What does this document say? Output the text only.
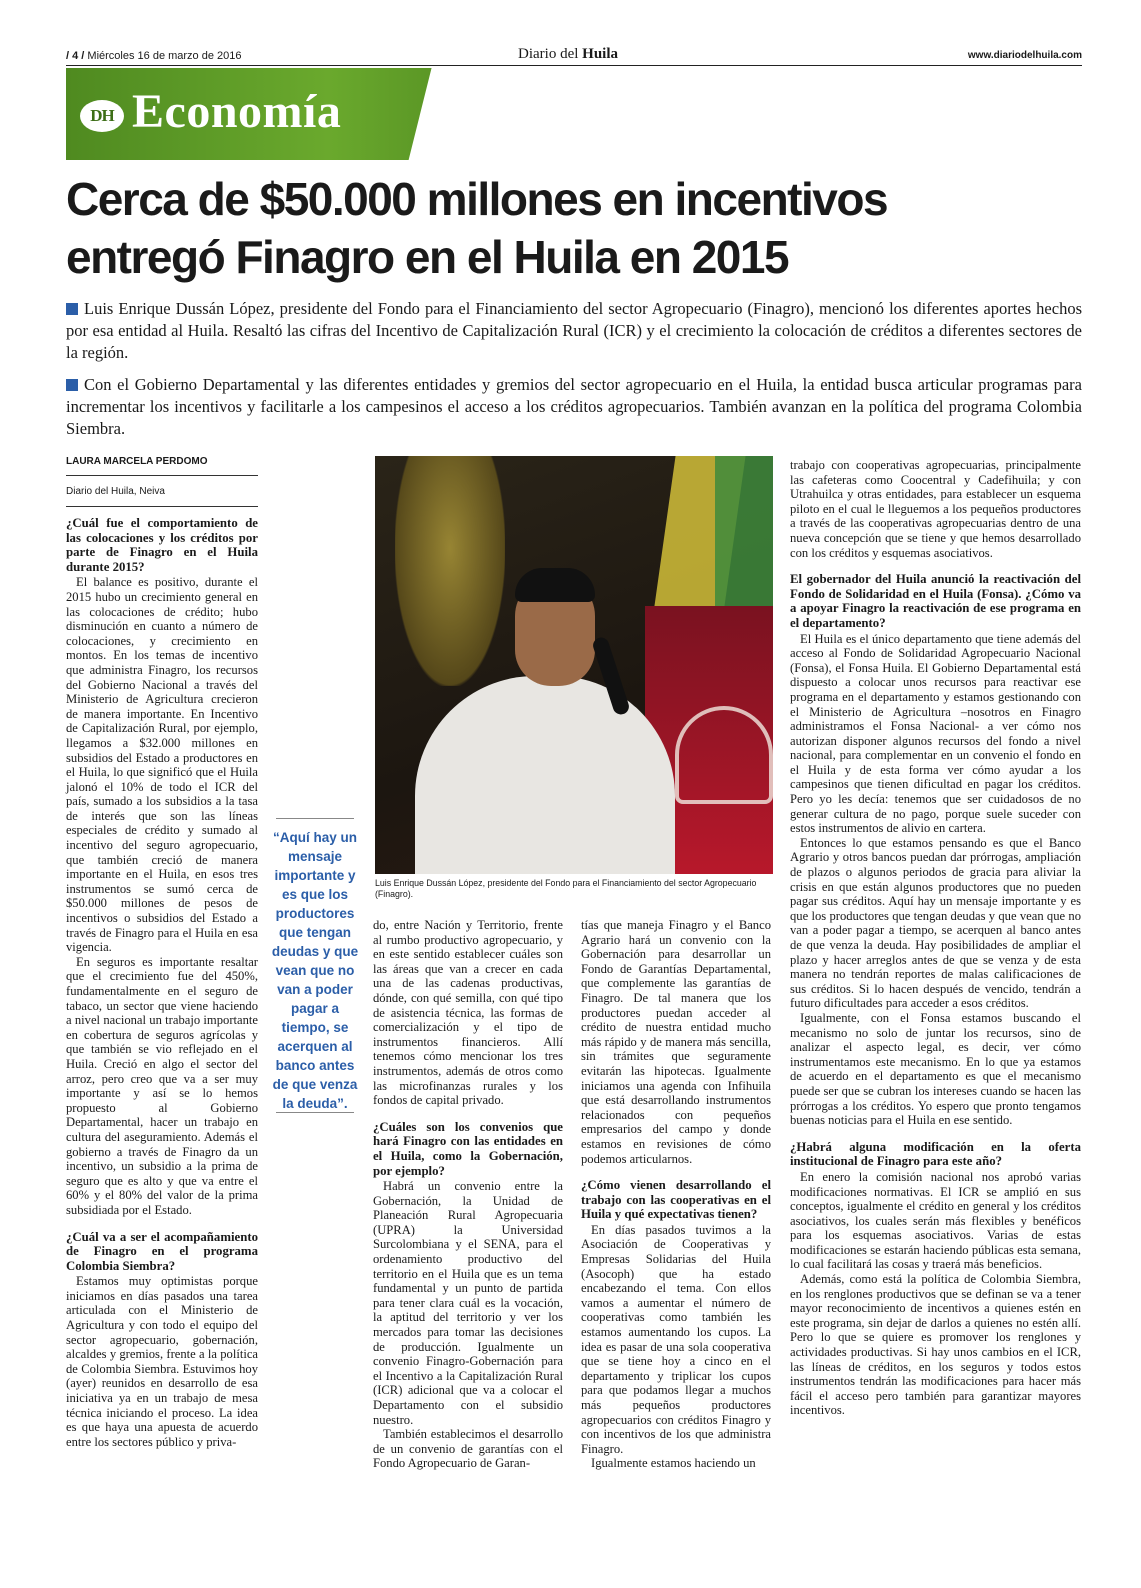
/ 4 / Miércoles 16 de marzo de 2016	Diario del Huila	www.diariodelhuila.com
DH Economía
Cerca de $50.000 millones en incentivos
entregó Finagro en el Huila en 2015

Luis Enrique Dussán López, presidente del Fondo para el Financiamiento del sector Agropecuario (Finagro), mencionó los diferentes aportes hechos por esa entidad al Huila. Resaltó las cifras del Incentivo de Capitalización Rural (ICR) y el crecimiento la colocación de créditos a diferentes sectores de la región.

Con el Gobierno Departamental y las diferentes entidades y gremios del sector agropecuario en el Huila, la entidad busca articular programas para incrementar los incentivos y facilitarle a los campesinos el acceso a los créditos agropecuarios. También avanzan en la política del programa Colombia Siembra.

LAURA MARCELA PERDOMO
Diario del Huila, Neiva
¿Cuál fue el comportamiento de las colocaciones y los créditos por parte de Finagro en el Huila durante 2015?

El balance es positivo, durante el 2015 hubo un crecimiento general en las colocaciones de crédito; hubo disminución en cuanto a número de colocaciones, y crecimiento en montos. En los temas de incentivo que administra Finagro, los recursos del Gobierno Nacional a través del Ministerio de Agricultura crecieron de manera importante. En Incentivo de Capitalización Rural, por ejemplo, llegamos a $32.000 millones en subsidios del Estado a productores en el Huila, lo que significó que el Huila jalonó el 10% de todo el ICR del país, sumado a los subsidios a la tasa de interés que son las líneas especiales de crédito y sumado al incentivo del seguro agropecuario, que también creció de manera importante en el Huila, en esos tres instrumentos se sumó cerca de $50.000 millones de pesos de incentivos o subsidios del Estado a través de Finagro para el Huila en esa vigencia.

En seguros es importante resaltar que el crecimiento fue del 450%, fundamentalmente en el seguro de tabaco, un sector que viene haciendo a nivel nacional un trabajo importante en cobertura de seguros agrícolas y que también se vio reflejado en el Huila. Creció en algo el sector del arroz, pero creo que va a ser muy importante y así se lo hemos propuesto al Gobierno Departamental, hacer un trabajo en cultura del aseguramiento. Además el gobierno a través de Finagro da un incentivo, un subsidio a la prima de seguro que es alto y que va entre el 60% y el 80% del valor de la prima subsidiada por el Estado.

¿Cuál va a ser el acompañamiento de Finagro en el programa Colombia Siembra?

Estamos muy optimistas porque iniciamos en días pasados una tarea articulada con el Ministerio de Agricultura y con todo el equipo del sector agropecuario, gobernación, alcaldes y gremios, frente a la política de Colombia Siembra. Estuvimos hoy (ayer) reunidos en desarrollo de esa iniciativa ya en un trabajo de mesa técnica iniciando el proceso. La idea es que haya una apuesta de acuerdo entre los sectores público y priva-

“Aquí hay un mensaje importante y es que los productores que tengan deudas y que vean que no van a poder pagar a tiempo, se acerquen al banco antes de que venza la deuda”.
Luis Enrique Dussán López, presidente del Fondo para el Financiamiento del sector Agropecuario (Finagro).

do, entre Nación y Territorio, frente al rumbo productivo agropecuario, y en este sentido establecer cuáles son las áreas que van a crecer en cada una de las cadenas productivas, dónde, con qué semilla, con qué tipo de asistencia técnica, las formas de comercialización y el tipo de instrumentos financieros. Allí tenemos cómo mencionar los tres instrumentos, además de otros como las microfinanzas rurales y los fondos de capital privado.

¿Cuáles son los convenios que hará Finagro con las entidades en el Huila, como la Gobernación, por ejemplo?

Habrá un convenio entre la Gobernación, la Unidad de Planeación Rural Agropecuaria (UPRA) la Universidad Surcolombiana y el SENA, para el ordenamiento productivo del territorio en el Huila que es un tema fundamental y un punto de partida para tener clara cuál es la vocación, la aptitud del territorio y ver los mercados para tomar las decisiones de producción. Igualmente un convenio Finagro-Gobernación para el Incentivo a la Capitalización Rural (ICR) adicional que va a colocar el Departamento con el subsidio nuestro.

También establecimos el desarrollo de un convenio de garantías con el Fondo Agropecuario de Garan-

tías que maneja Finagro y el Banco Agrario hará un convenio con la Gobernación para desarrollar un Fondo de Garantías Departamental, que complemente las garantías de Finagro. De tal manera que los productores puedan acceder al crédito de nuestra entidad mucho más rápido y de manera más sencilla, sin trámites que seguramente evitarán las hipotecas. Igualmente iniciamos una agenda con Infihuila que está desarrollando instrumentos relacionados con pequeños empresarios del campo y donde estamos en revisiones de cómo podemos articularnos.

¿Cómo vienen desarrollando el trabajo con las cooperativas en el Huila y qué expectativas tienen?

En días pasados tuvimos a la Asociación de Cooperativas y Empresas Solidarias del Huila (Asocoph) que ha estado encabezando el tema. Con ellos vamos a aumentar el número de cooperativas como también les estamos aumentando los cupos. La idea es pasar de una sola cooperativa que se tiene hoy a cinco en el departamento y triplicar los cupos para que podamos llegar a muchos más pequeños productores agropecuarios con créditos Finagro y con incentivos de los que administra Finagro.

Igualmente estamos haciendo un

trabajo con cooperativas agropecuarias, principalmente las cafeteras como Coocentral y Cadefihuila; y con Utrahuilca y otras entidades, para establecer un esquema piloto en el cual le lleguemos a los pequeños productores a través de las cooperativas agropecuarias dentro de una nueva concepción que se tiene y que hemos desarrollado con los créditos y esquemas asociativos.

El gobernador del Huila anunció la reactivación del Fondo de Solidaridad en el Huila (Fonsa). ¿Cómo va a apoyar Finagro la reactivación de ese programa en el departamento?

El Huila es el único departamento que tiene además del acceso al Fondo de Solidaridad Agropecuario Nacional (Fonsa), el Fonsa Huila. El Gobierno Departamental está dispuesto a colocar unos recursos para reactivar ese programa en el departamento y estamos gestionando con el Ministerio de Agricultura –nosotros en Finagro administramos el Fonsa Nacional- a ver cómo nos autorizan disponer algunos recursos del fondo a nivel nacional, para complementar en un convenio el fondo en el Huila y de esta forma ver cómo ayudar a los campesinos que tienen dificultad en pagar los créditos. Pero yo les decía: tenemos que ser cuidadosos de no generar cultura de no pago, porque suele suceder con estos instrumentos de alivio en cartera.

Entonces lo que estamos pensando es que el Banco Agrario y otros bancos puedan dar prórrogas, ampliación de plazos o algunos periodos de gracia para aliviar la crisis en que están algunos productores que no pueden pagar sus créditos. Aquí hay un mensaje importante y es que los productores que tengan deudas y que vean que no van a poder pagar a tiempo, se acerquen al banco antes de que venza la deuda. Hay posibilidades de ampliar el plazo y hacer arreglos antes de que se venza y de esta manera no tendrán reportes de malas calificaciones de sus créditos. Si lo hacen después de vencido, tendrán a futuro dificultades para acceder a esos créditos.

Igualmente, con el Fonsa estamos buscando el mecanismo no solo de juntar los recursos, sino de analizar el aspecto legal, es decir, ver cómo instrumentamos este mecanismo. En lo que ya estamos de acuerdo en el departamento es que el mecanismo puede ser que se cubran los intereses cuando se hacen las prórrogas a los créditos. Yo espero que pronto tengamos buenas noticias para el Huila en ese sentido.

¿Habrá alguna modificación en la oferta institucional de Finagro para este año?

En enero la comisión nacional nos aprobó varias modificaciones normativas. El ICR se amplió en sus conceptos, igualmente el crédito en general y los créditos asociativos, los cuales serán más flexibles y benéficos para los esquemas asociativos. Varias de estas modificaciones se estarán haciendo públicas esta semana, lo cual facilitará las cosas y traerá más beneficios.

Además, como está la política de Colombia Siembra, en los renglones productivos que se definan se va a tener mayor reconocimiento de incentivos a quienes estén en este programa, sin dejar de darlos a quienes no estén allí. Pero lo que se quiere es promover los renglones y actividades productivas. Si hay unos cambios en el ICR, las líneas de créditos, en los seguros y todos estos instrumentos tendrán las modificaciones para hacer más fácil el acceso pero también para garantizar mayores incentivos.
